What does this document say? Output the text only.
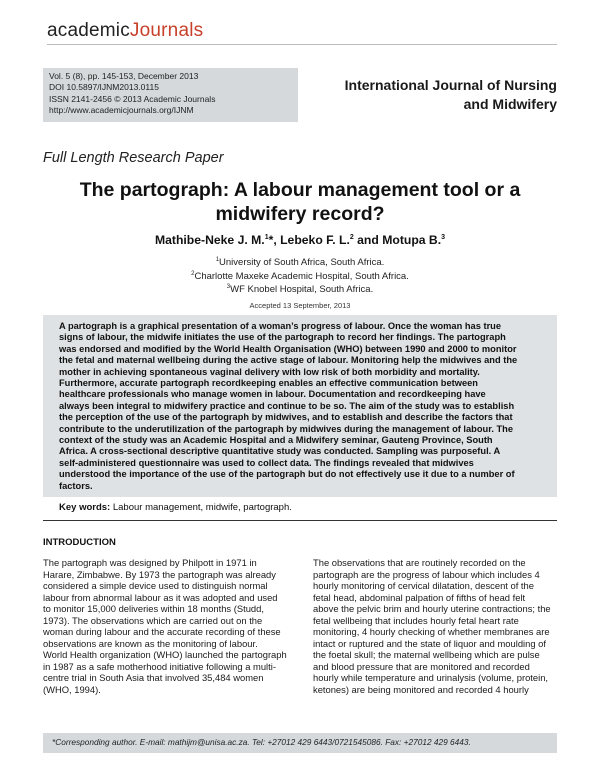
academicJournals
Vol. 5 (8), pp. 145-153, December 2013
DOI 10.5897/IJNM2013.0115
ISSN 2141-2456 © 2013 Academic Journals
http://www.academicjournals.org/IJNM
International Journal of Nursing
and Midwifery
Full Length Research Paper
The partograph: A labour management tool or a
midwifery record?
Mathibe-Neke J. M.$^1$*, Lebeko F. L.$^2$ and Motupa B.$^3$
$^1$University of South Africa, South Africa.
$^2$Charlotte Maxeke Academic Hospital, South Africa.
$^3$WF Knobel Hospital, South Africa.
Accepted 13 September, 2013
A partograph is a graphical presentation of a woman’s progress of labour. Once the woman has true
signs of labour, the midwife initiates the use of the partograph to record her findings. The partograph
was endorsed and modified by the World Health Organisation (WHO) between 1990 and 2000 to monitor
the fetal and maternal wellbeing during the active stage of labour. Monitoring help the midwives and the
mother in achieving spontaneous vaginal delivery with low risk of both morbidity and mortality.
Furthermore, accurate partograph recordkeeping enables an effective communication between
healthcare professionals who manage women in labour. Documentation and recordkeeping have
always been integral to midwifery practice and continue to be so. The aim of the study was to establish
the perception of the use of the partograph by midwives, and to establish and describe the factors that
contribute to the underutilization of the partograph by midwives during the management of labour. The
context of the study was an Academic Hospital and a Midwifery seminar, Gauteng Province, South
Africa. A cross-sectional descriptive quantitative study was conducted. Sampling was purposeful. A
self-administered questionnaire was used to collect data. The findings revealed that midwives
understood the importance of the use of the partograph but do not effectively use it due to a number of
factors.
Key words: Labour management, midwife, partograph.
INTRODUCTION
The partograph was designed by Philpott in 1971 in
Harare, Zimbabwe. By 1973 the partograph was already
considered a simple device used to distinguish normal
labour from abnormal labour as it was adopted and used
to monitor 15,000 deliveries within 18 months (Studd,
1973). The observations which are carried out on the
woman during labour and the accurate recording of these
observations are known as the monitoring of labour.
World Health organization (WHO) launched the partograph
in 1987 as a safe motherhood initiative following a multi-
centre trial in South Asia that involved 35,484 women
(WHO, 1994).
The observations that are routinely recorded on the
partograph are the progress of labour which includes 4
hourly monitoring of cervical dilatation, descent of the
fetal head, abdominal palpation of fifths of head felt
above the pelvic brim and hourly uterine contractions; the
fetal wellbeing that includes hourly fetal heart rate
monitoring, 4 hourly checking of whether membranes are
intact or ruptured and the state of liquor and moulding of
the foetal skull; the maternal wellbeing which are pulse
and blood pressure that are monitored and recorded
hourly while temperature and urinalysis (volume, protein,
ketones) are being monitored and recorded 4 hourly
*Corresponding author. E-mail: mathijm@unisa.ac.za. Tel: +27012 429 6443/0721545086. Fax: +27012 429 6443.
